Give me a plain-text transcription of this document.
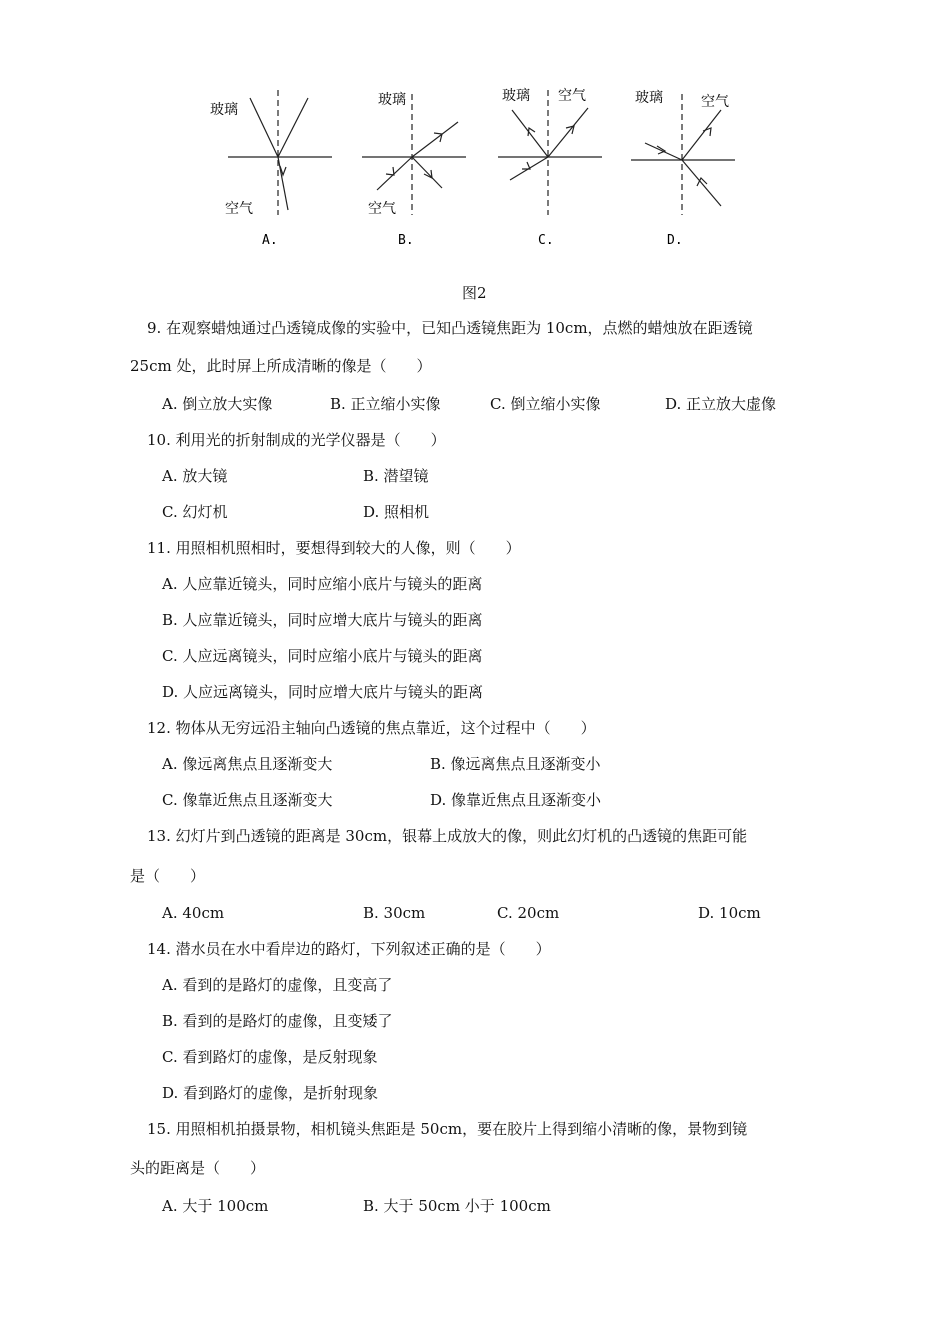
玻璃
空气
A.
玻璃
空气
B.
玻璃 空气
C.
玻璃	空气
D.
图2
9. 在观察蜡烛通过凸透镜成像的实验中，已知凸透镜焦距为 10cm，点燃的蜡烛放在距透镜
25cm 处，此时屏上所成清晰的像是（　　）
A. 倒立放大实像	B. 正立缩小实像	C. 倒立缩小实像	D. 正立放大虚像
10. 利用光的折射制成的光学仪器是（　　）
A. 放大镜	B. 潜望镜
C. 幻灯机	D. 照相机
11. 用照相机照相时，要想得到较大的人像，则（　　）
A. 人应靠近镜头，同时应缩小底片与镜头的距离
B. 人应靠近镜头，同时应增大底片与镜头的距离
C. 人应远离镜头，同时应缩小底片与镜头的距离
D. 人应远离镜头，同时应增大底片与镜头的距离
12. 物体从无穷远沿主轴向凸透镜的焦点靠近，这个过程中（　　）
A. 像远离焦点且逐渐变大	B. 像远离焦点且逐渐变小
C. 像靠近焦点且逐渐变大	D. 像靠近焦点且逐渐变小
13. 幻灯片到凸透镜的距离是 30cm，银幕上成放大的像，则此幻灯机的凸透镜的焦距可能
是（　　）
A. 40cm	B. 30cm	C. 20cm	D. 10cm
14. 潜水员在水中看岸边的路灯，下列叙述正确的是（　　）
A. 看到的是路灯的虚像，且变高了
B. 看到的是路灯的虚像，且变矮了
C. 看到路灯的虚像，是反射现象
D. 看到路灯的虚像，是折射现象
15. 用照相机拍摄景物，相机镜头焦距是 50cm，要在胶片上得到缩小清晰的像，景物到镜
头的距离是（　　）
A. 大于 100cm	B. 大于 50cm 小于 100cm
